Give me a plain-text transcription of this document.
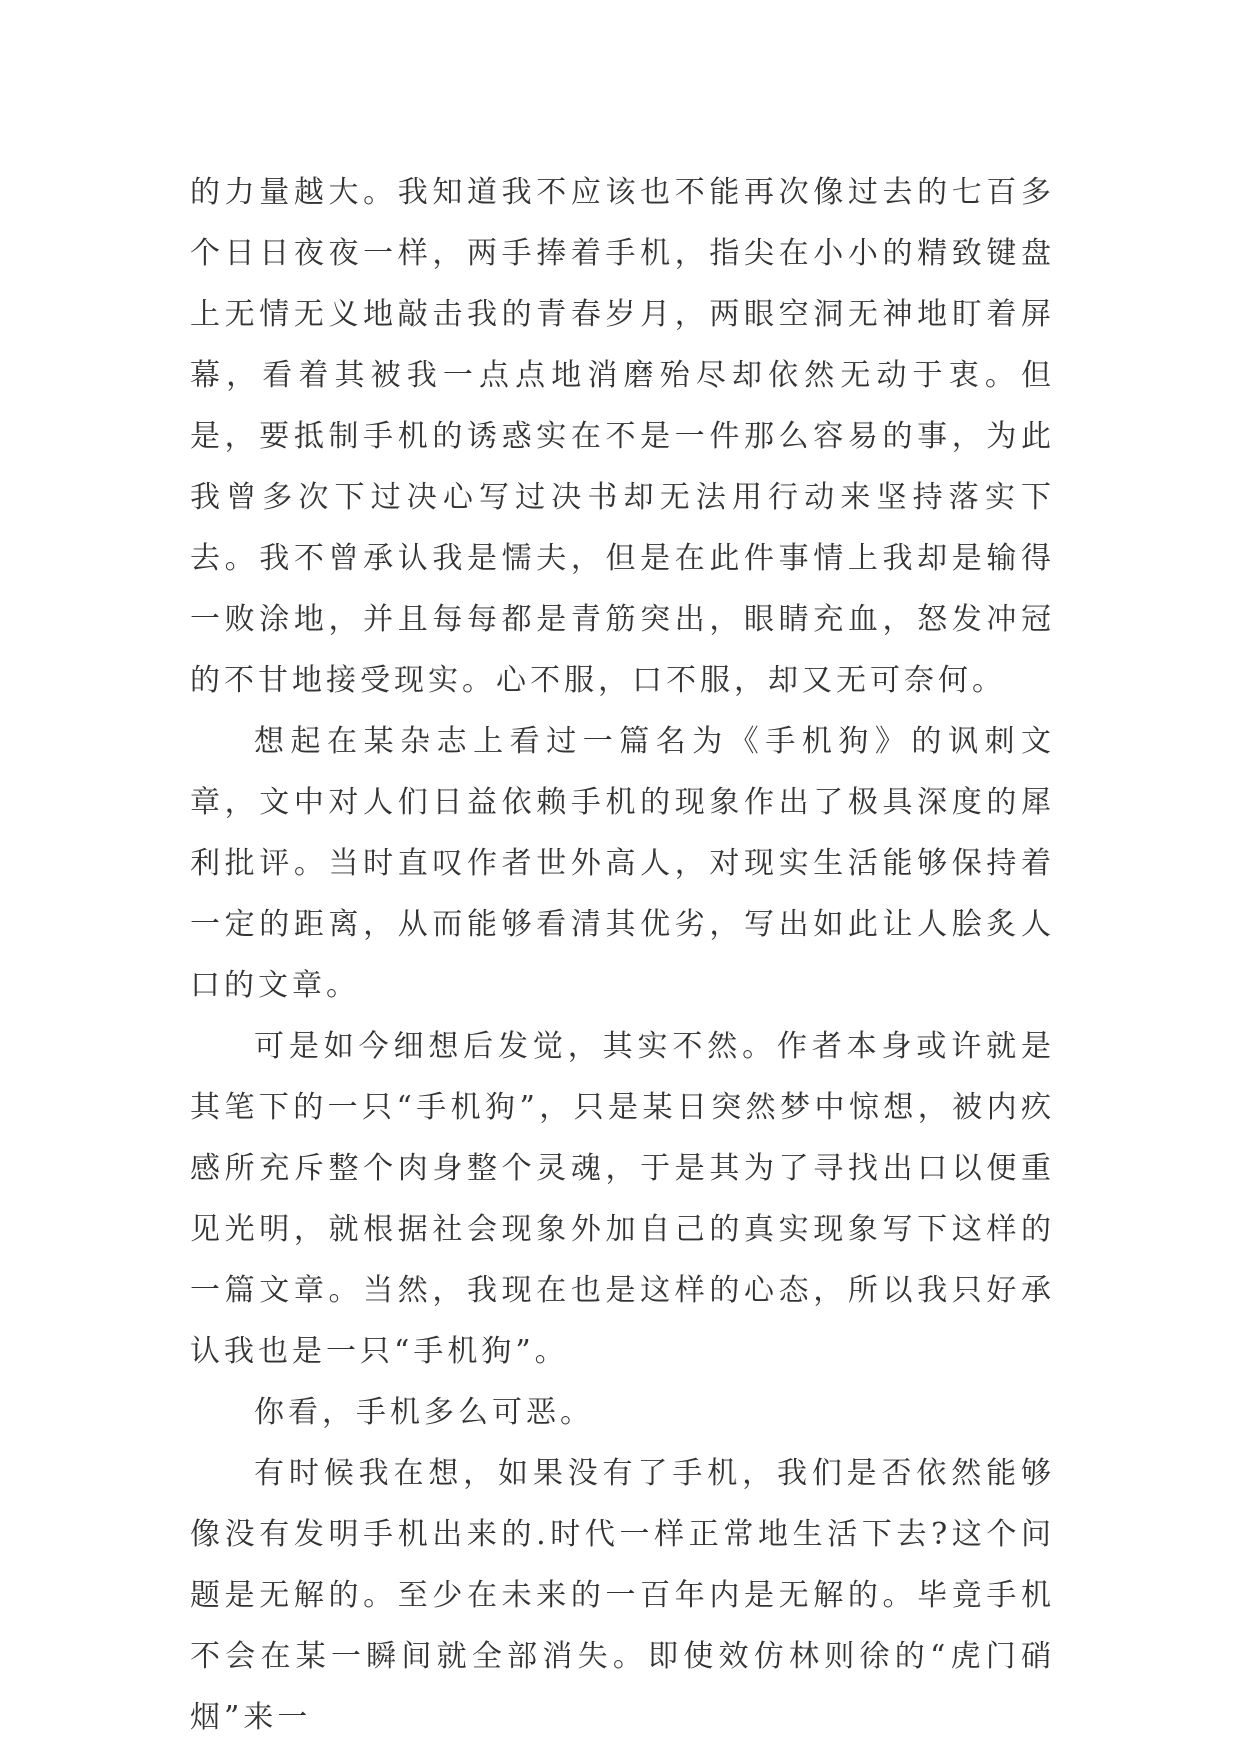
的力量越大。我知道我不应该也不能再次像过去的七百多个日日夜夜一样，两手捧着手机，指尖在小小的精致键盘上无情无义地敲击我的青春岁月，两眼空洞无神地盯着屏幕，看着其被我一点点地消磨殆尽却依然无动于衷。但是，要抵制手机的诱惑实在不是一件那么容易的事，为此我曾多次下过决心写过决书却无法用行动来坚持落实下去。我不曾承认我是懦夫，但是在此件事情上我却是输得一败涂地，并且每每都是青筋突出，眼睛充血，怒发冲冠的不甘地接受现实。心不服，口不服，却又无可奈何。

想起在某杂志上看过一篇名为《手机狗》的讽刺文章，文中对人们日益依赖手机的现象作出了极具深度的犀利批评。当时直叹作者世外高人，对现实生活能够保持着一定的距离，从而能够看清其优劣，写出如此让人脍炙人口的文章。

可是如今细想后发觉，其实不然。作者本身或许就是其笔下的一只“手机狗”，只是某日突然梦中惊想，被内疚感所充斥整个肉身整个灵魂，于是其为了寻找出口以便重见光明，就根据社会现象外加自己的真实现象写下这样的一篇文章。当然，我现在也是这样的心态，所以我只好承认我也是一只“手机狗”。

你看，手机多么可恶。

有时候我在想，如果没有了手机，我们是否依然能够像没有发明手机出来的.时代一样正常地生活下去?这个问题是无解的。至少在未来的一百年内是无解的。毕竟手机不会在某一瞬间就全部消失。即使效仿林则徐的“虎门硝烟”来一
